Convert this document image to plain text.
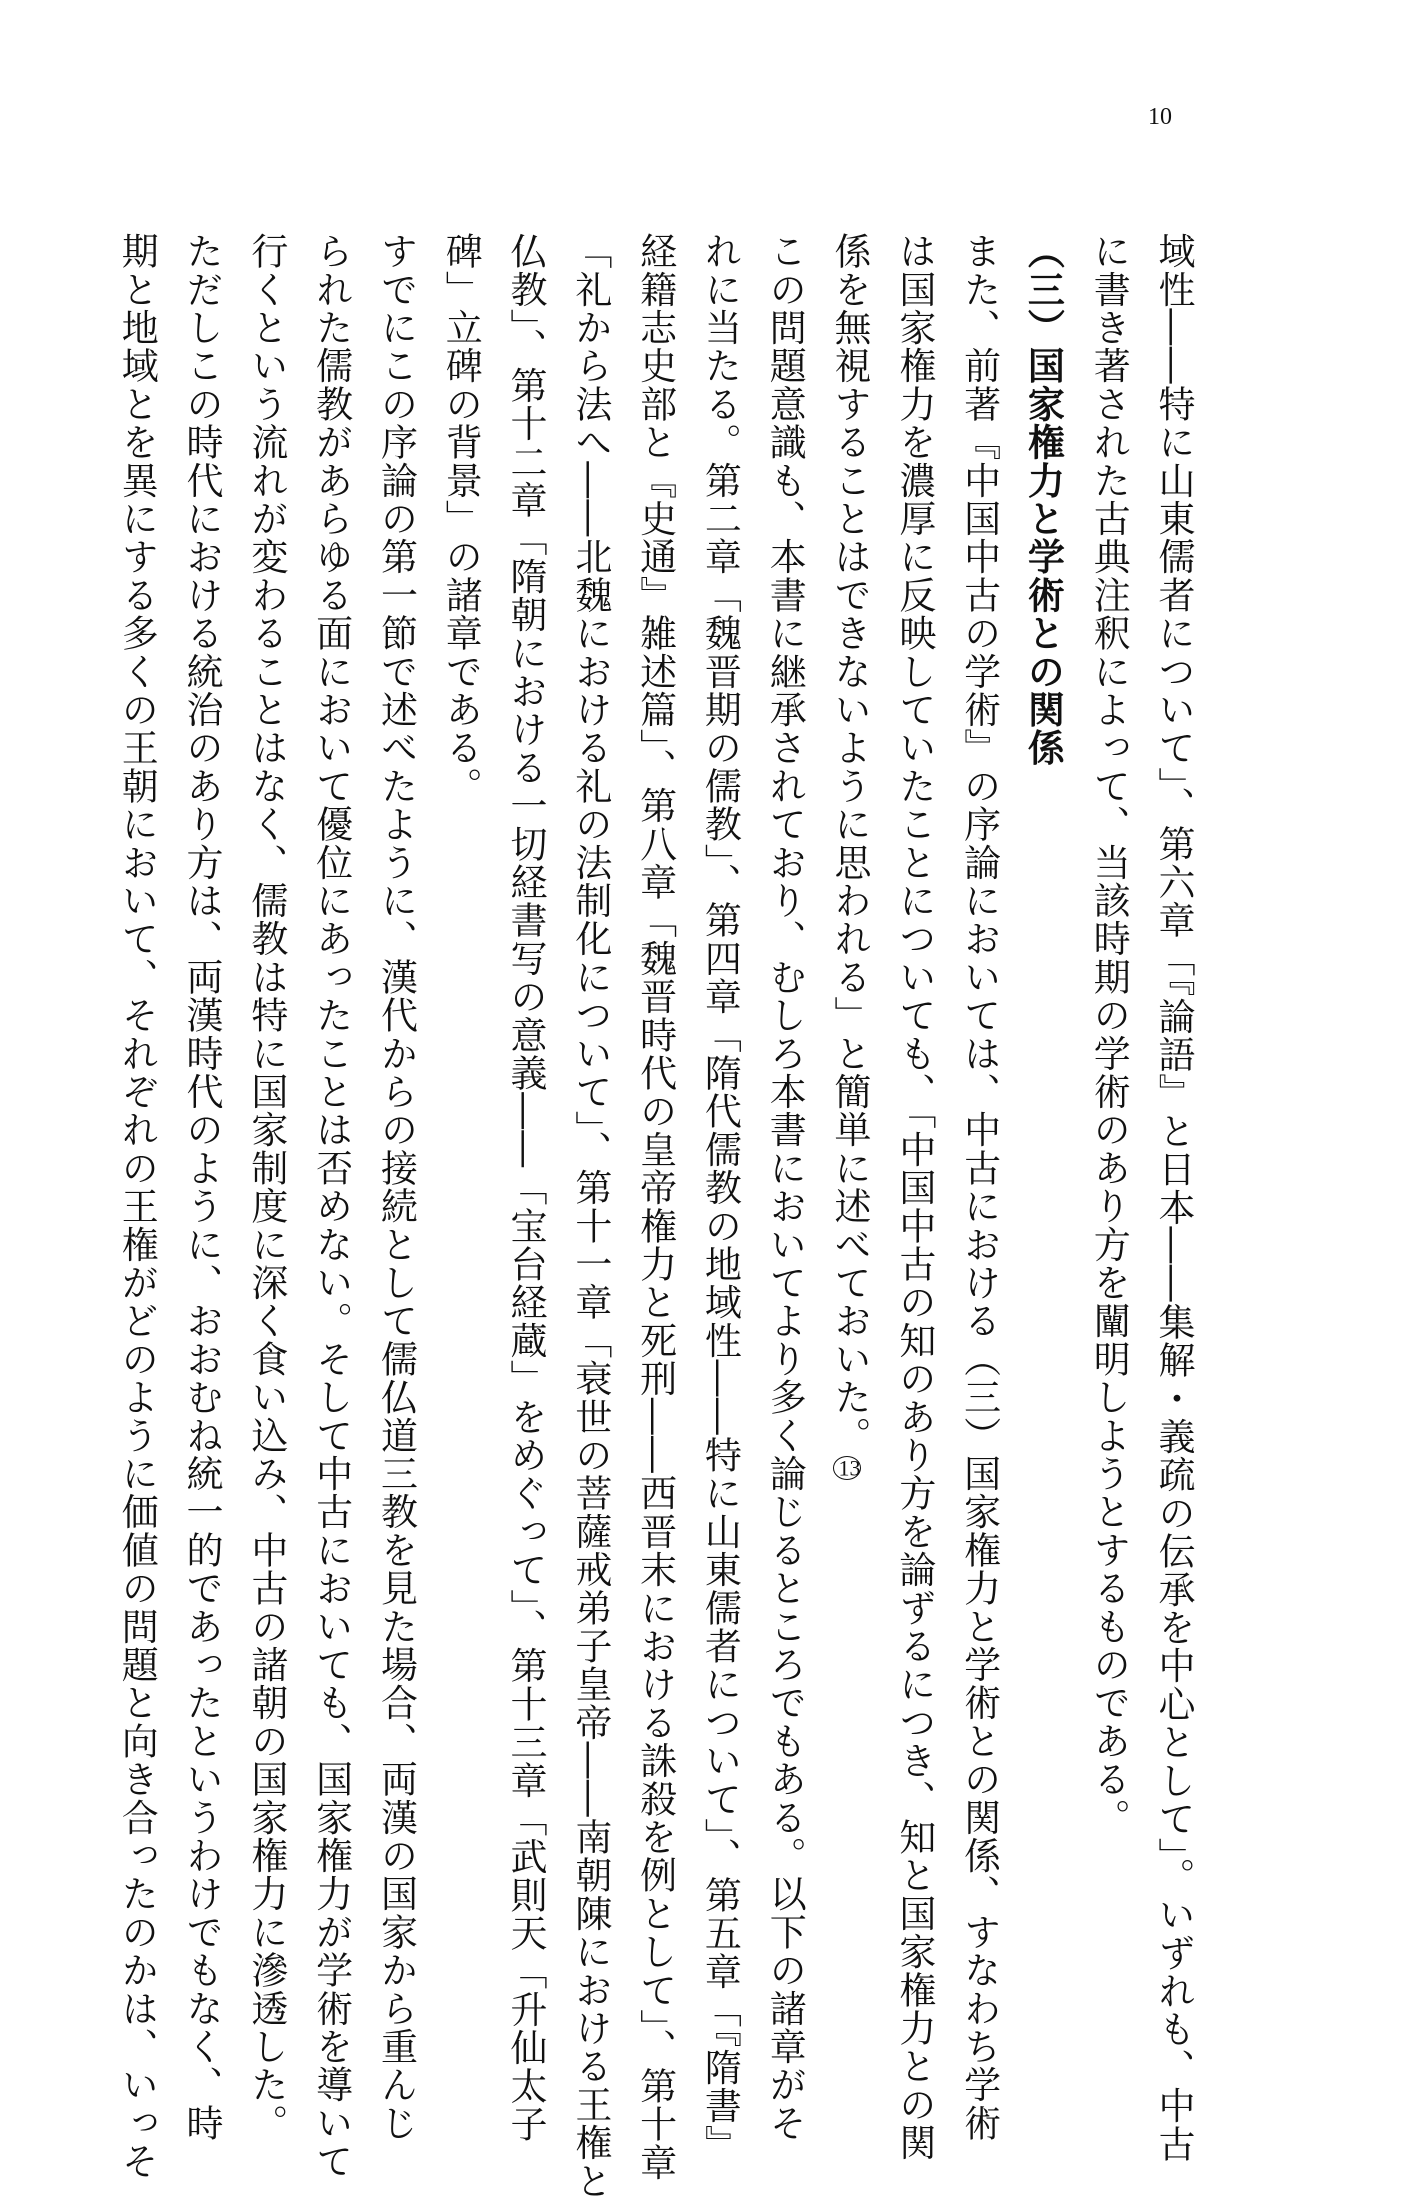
10

域性――特に山東儒者について」、第六章「『論語』と日本――集解・義疏の伝承を中心として」。いずれも、中古

に書き著された古典注釈によって、当該時期の学術のあり方を闡明しようとするものである。

（三）国家権力と学術との関係

また、前著『中国中古の学術』の序論においては、中古における（三）国家権力と学術との関係、すなわち学術

は国家権力を濃厚に反映していたことについても、「中国中古の知のあり方を論ずるにつき、知と国家権力との関

係を無視することはできないように思われる」と簡単に述べておいた。13

この問題意識も、本書に継承されており、むしろ本書においてより多く論じるところでもある。以下の諸章がそ

れに当たる。第二章「魏晋期の儒教」、第四章「隋代儒教の地域性――特に山東儒者について」、第五章「『隋書』

経籍志史部と『史通』雑述篇」、第八章「魏晋時代の皇帝権力と死刑――西晋末における誅殺を例として」、第十章

「礼から法へ――北魏における礼の法制化について」、第十一章「衰世の菩薩戒弟子皇帝――南朝陳における王権と

仏教」、第十二章「隋朝における一切経書写の意義――「宝台経蔵」をめぐって」、第十三章「武則天「升仙太子

碑」立碑の背景」の諸章である。

すでにこの序論の第一節で述べたように、漢代からの接続として儒仏道三教を見た場合、両漢の国家から重んじ

られた儒教があらゆる面において優位にあったことは否めない。そして中古においても、国家権力が学術を導いて

行くという流れが変わることはなく、儒教は特に国家制度に深く食い込み、中古の諸朝の国家権力に滲透した。

ただしこの時代における統治のあり方は、両漢時代のように、おおむね統一的であったというわけでもなく、時

期と地域とを異にする多くの王朝において、それぞれの王権がどのように価値の問題と向き合ったのかは、いっそ
